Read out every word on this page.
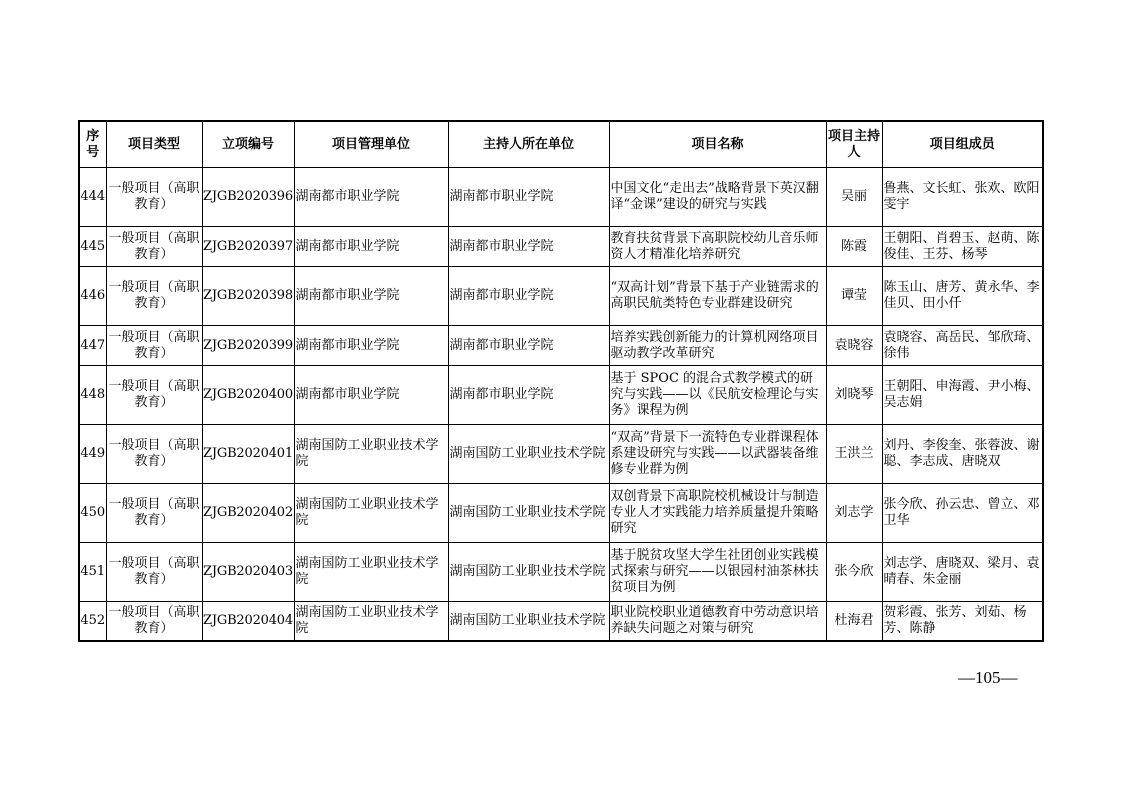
序号	项目类型	立项编号	项目管理单位	主持人所在单位	项目名称	项目主持人	项目组成员
444	一般项目（高职教育）	ZJGB2020396	湖南都市职业学院	湖南都市职业学院	中国文化“走出去”战略背景下英汉翻译“金课”建设的研究与实践	吴丽	鲁燕、文长虹、张欢、欧阳雯宇
445	一般项目（高职教育）	ZJGB2020397	湖南都市职业学院	湖南都市职业学院	教育扶贫背景下高职院校幼儿音乐师资人才精准化培养研究	陈霞	王朝阳、肖碧玉、赵萌、陈俊佳、王芬、杨琴
446	一般项目（高职教育）	ZJGB2020398	湖南都市职业学院	湖南都市职业学院	“双高计划”背景下基于产业链需求的高职民航类特色专业群建设研究	谭莹	陈玉山、唐芳、黄永华、李佳贝、田小仟
447	一般项目（高职教育）	ZJGB2020399	湖南都市职业学院	湖南都市职业学院	培养实践创新能力的计算机网络项目驱动教学改革研究	袁晓容	袁晓容、高岳民、邹欣琦、徐伟
448	一般项目（高职教育）	ZJGB2020400	湖南都市职业学院	湖南都市职业学院	基于 SPOC 的混合式教学模式的研究与实践——以《民航安检理论与实务》课程为例	刘晓琴	王朝阳、申海霞、尹小梅、吴志娟
449	一般项目（高职教育）	ZJGB2020401	湖南国防工业职业技术学院	湖南国防工业职业技术学院	“双高”背景下一流特色专业群课程体系建设研究与实践——以武器装备维修专业群为例	王洪兰	刘丹、李俊奎、张蓉波、谢聪、李志成、唐晓双
450	一般项目（高职教育）	ZJGB2020402	湖南国防工业职业技术学院	湖南国防工业职业技术学院	双创背景下高职院校机械设计与制造专业人才实践能力培养质量提升策略研究	刘志学	张今欣、孙云忠、曾立、邓卫华
451	一般项目（高职教育）	ZJGB2020403	湖南国防工业职业技术学院	湖南国防工业职业技术学院	基于脱贫攻坚大学生社团创业实践模式探索与研究——以银园村油茶林扶贫项目为例	张今欣	刘志学、唐晓双、梁月、袁晴春、朱金丽
452	一般项目（高职教育）	ZJGB2020404	湖南国防工业职业技术学院	湖南国防工业职业技术学院	职业院校职业道德教育中劳动意识培养缺失问题之对策与研究	杜海君	贺彩霞、张芳、刘茹、杨芳、陈静
—105—
